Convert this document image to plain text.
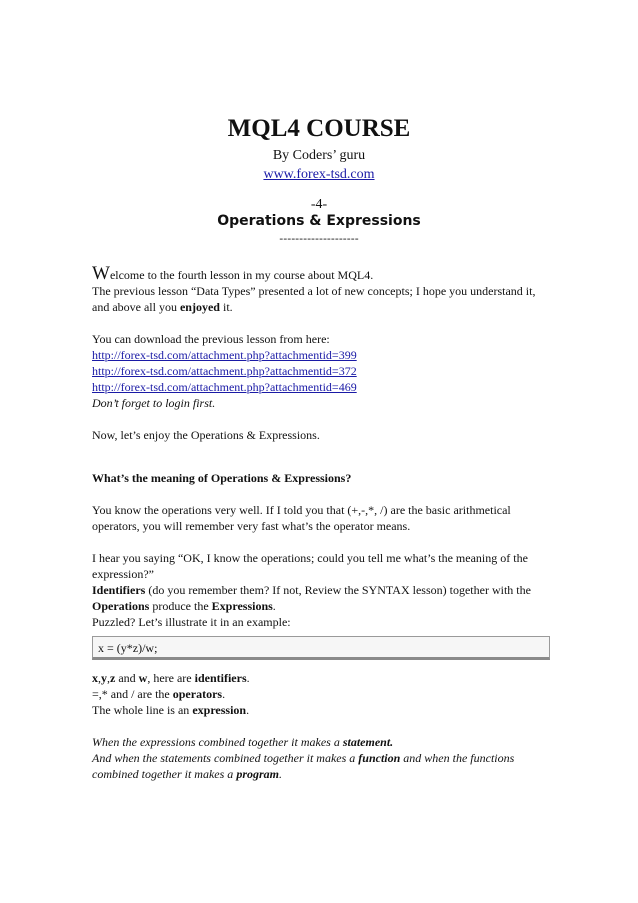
MQL4 COURSE
By Coders’ guru
www.forex-tsd.com
-4-
Operations & Expressions
--------------------

Welcome to the fourth lesson in my course about MQL4.

The previous lesson “Data Types” presented a lot of new concepts; I hope you understand it, and above all you enjoyed it.

You can download the previous lesson from here:

http://forex-tsd.com/attachment.php?attachmentid=399
http://forex-tsd.com/attachment.php?attachmentid=372
http://forex-tsd.com/attachment.php?attachmentid=469

Don’t forget to login first.

Now, let’s enjoy the Operations & Expressions.

What’s the meaning of Operations & Expressions?

You know the operations very well. If I told you that (+,-,*, /) are the basic arithmetical operators, you will remember very fast what’s the operator means.

I hear you saying “OK, I know the operations; could you tell me what’s the meaning of the expression?”

Identifiers (do you remember them? If not, Review the SYNTAX lesson) together with the Operations produce the Expressions.

Puzzled? Let’s illustrate it in an example:

x = (y*z)/w;

x,y,z and w, here are identifiers.

=,* and / are the operators.

The whole line is an expression.

When the expressions combined together it makes a statement.

And when the statements combined together it makes a function and when the functions combined together it makes a program.
